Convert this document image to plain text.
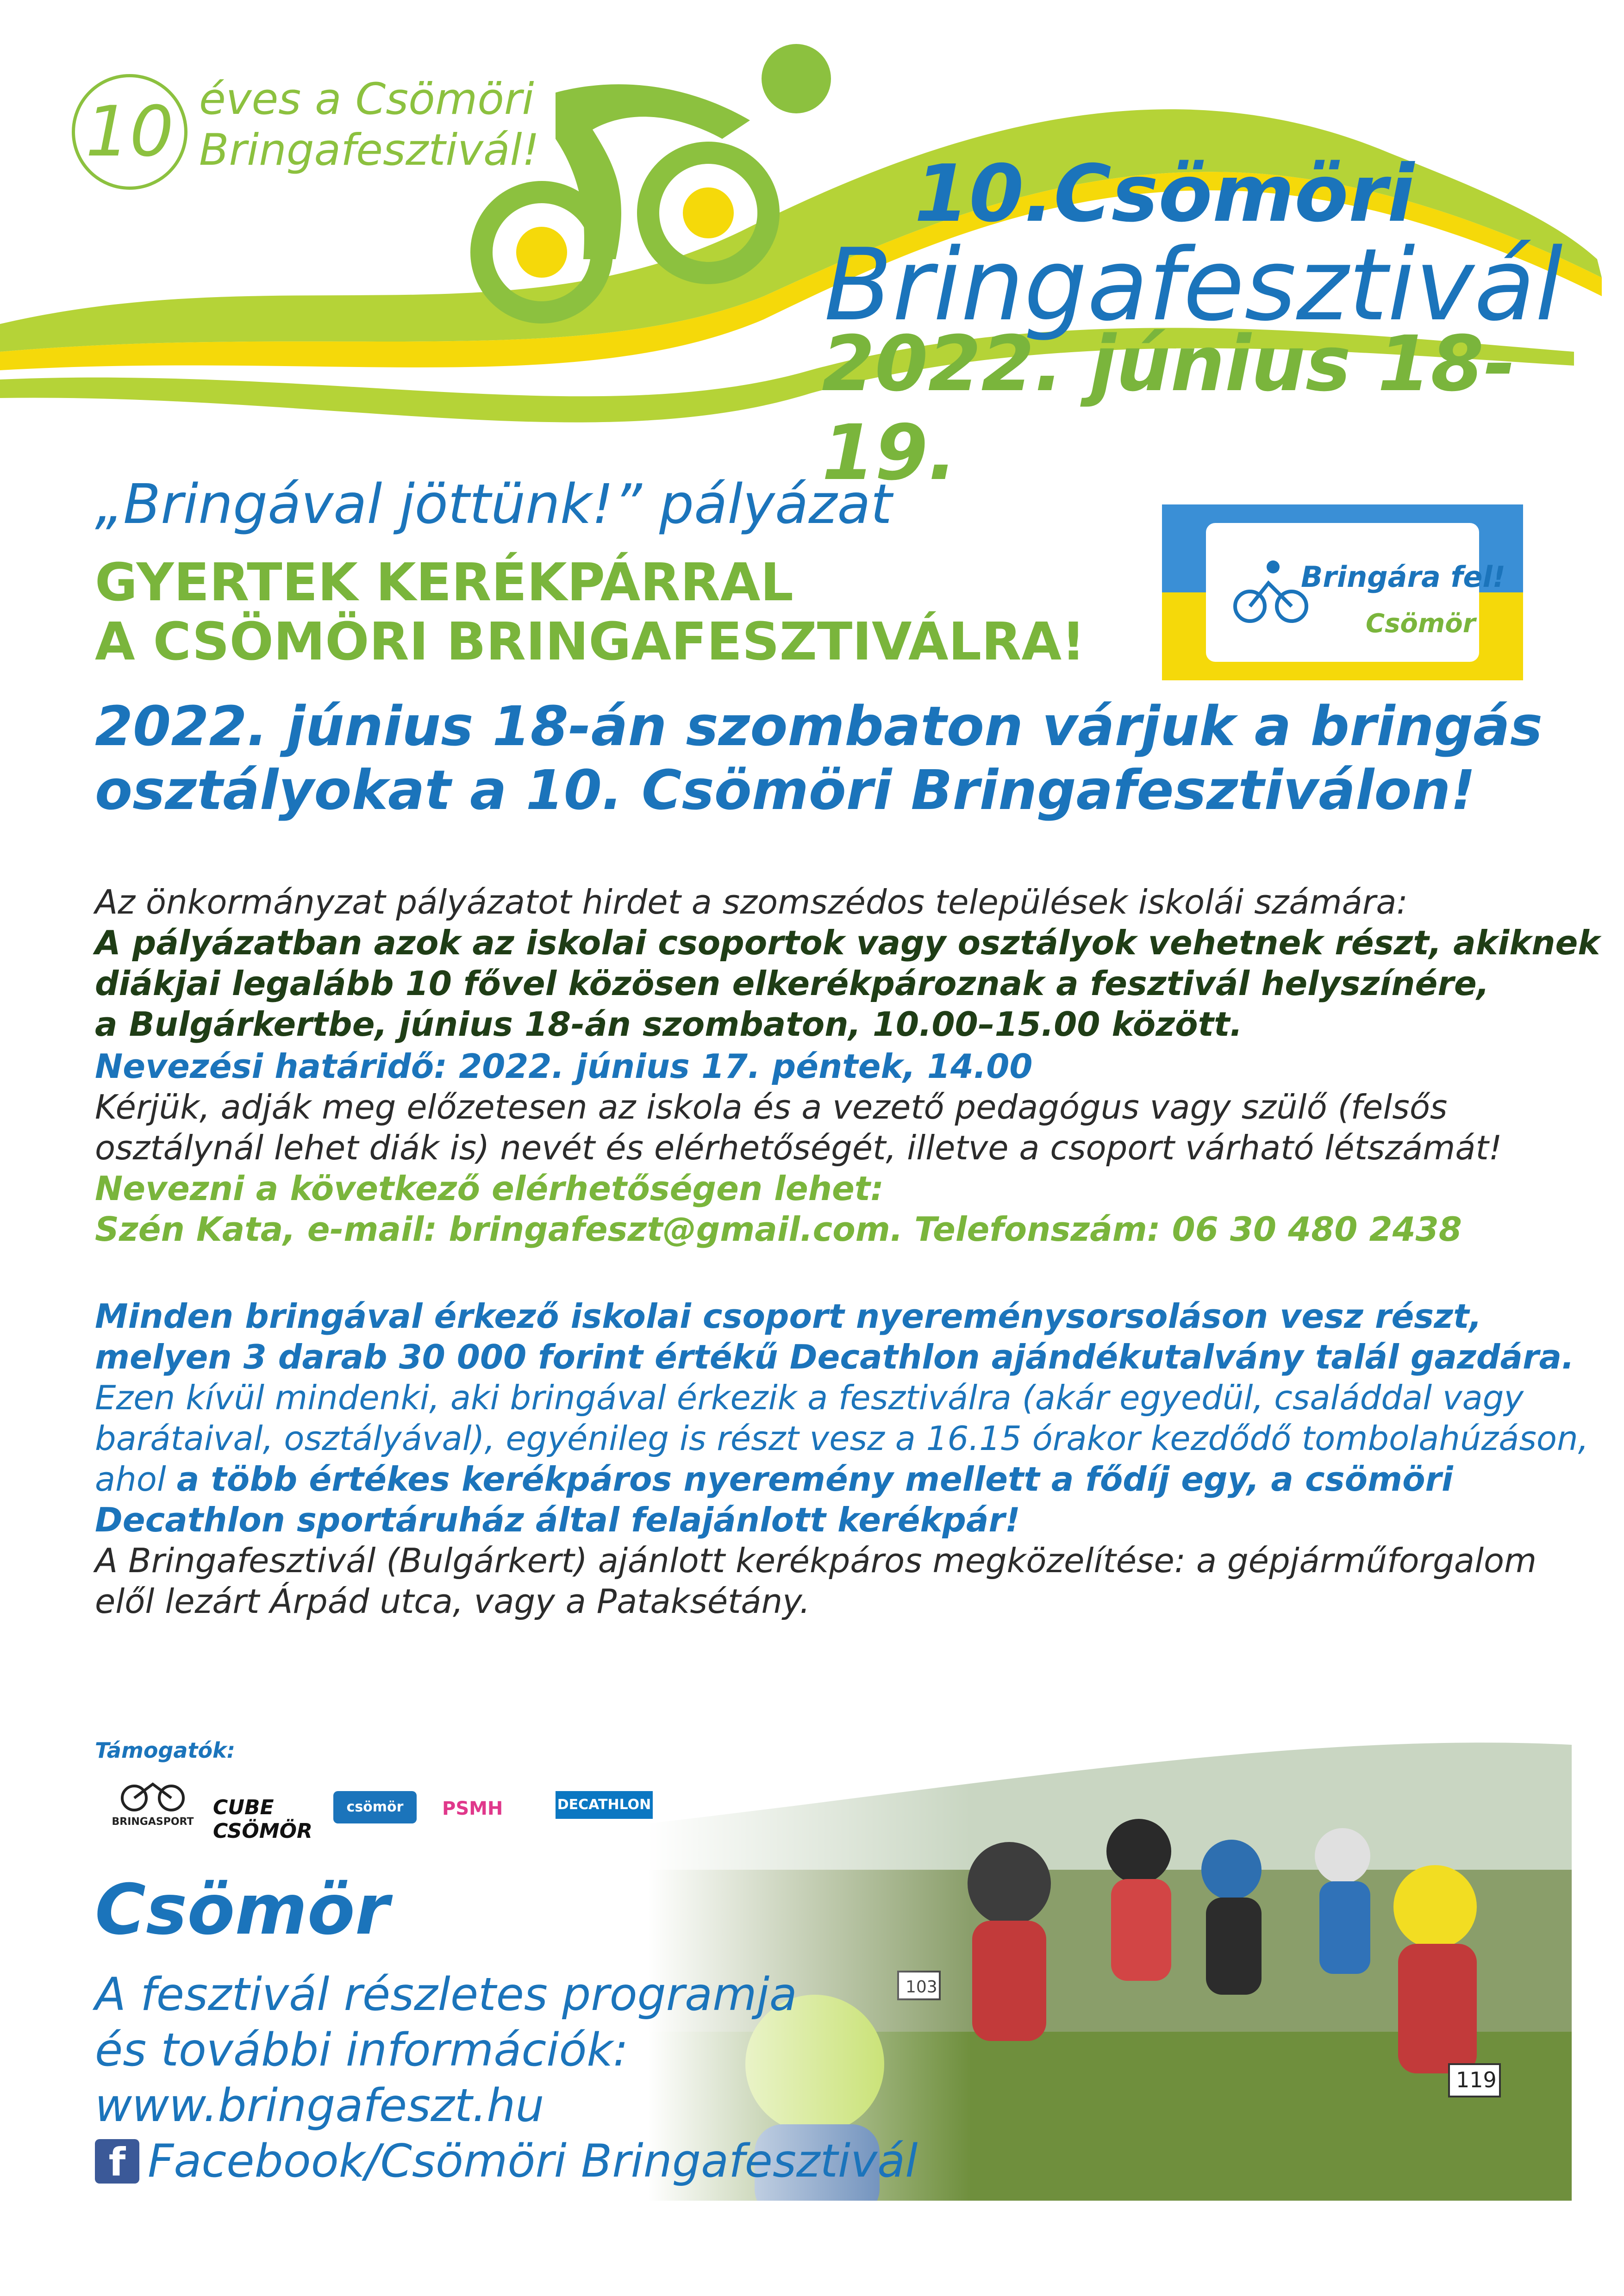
10 éves a Csömöri
Bringafesztivál!	10.Csömöri
Bringafesztivál
2022. június 18-19.
„Bringával jöttünk!” pályázat
GYERTEK KERÉKPÁRRAL
A CSÖMÖRI BRINGAFESZTIVÁLRA!
2022. június 18-án szombaton várjuk a bringás
osztályokat a 10. Csömöri Bringafesztiválon!
Bringára fel!
Csömör
Az önkormányzat pályázatot hirdet a szomszédos települések iskolái számára:
A pályázatban azok az iskolai csoportok vagy osztályok vehetnek részt, akiknek
diákjai legalább 10 fővel közösen elkerékpároznak a fesztivál helyszínére,
a Bulgárkertbe, június 18-án szombaton, 10.00–15.00 között.
Nevezési határidő: 2022. június 17. péntek, 14.00
Kérjük, adják meg előzetesen az iskola és a vezető pedagógus vagy szülő (felsős
osztálynál lehet diák is) nevét és elérhetőségét, illetve a csoport várható létszámát!
Nevezni a következő elérhetőségen lehet:
Szén Kata, e-mail: bringafeszt@gmail.com. Telefonszám: 06 30 480 2438
Minden bringával érkező iskolai csoport nyereménysorsoláson vesz részt,
melyen 3 darab 30 000 forint értékű Decathlon ajándékutalvány talál gazdára.
Ezen kívül mindenki, aki bringával érkezik a fesztiválra (akár egyedül, családdal vagy
barátaival, osztályával), egyénileg is részt vesz a 16.15 órakor kezdődő tombolahúzáson,
ahol a több értékes kerékpáros nyeremény mellett a fődíj egy, a csömöri
Decathlon sportáruház által felajánlott kerékpár!
A Bringafesztivál (Bulgárkert) ajánlott kerékpáros megközelítése: a gépjárműforgalom
elől lezárt Árpád utca, vagy a Pataksétány.
Támogatók:
BRINGASPORT
CUBE CSÖMÖR
csömör sport
PSMH	DECATHLON
Csömör
A fesztivál részletes programja
és további információk:
www.bringafeszt.hu
f Facebook/Csömöri Bringafesztivál
